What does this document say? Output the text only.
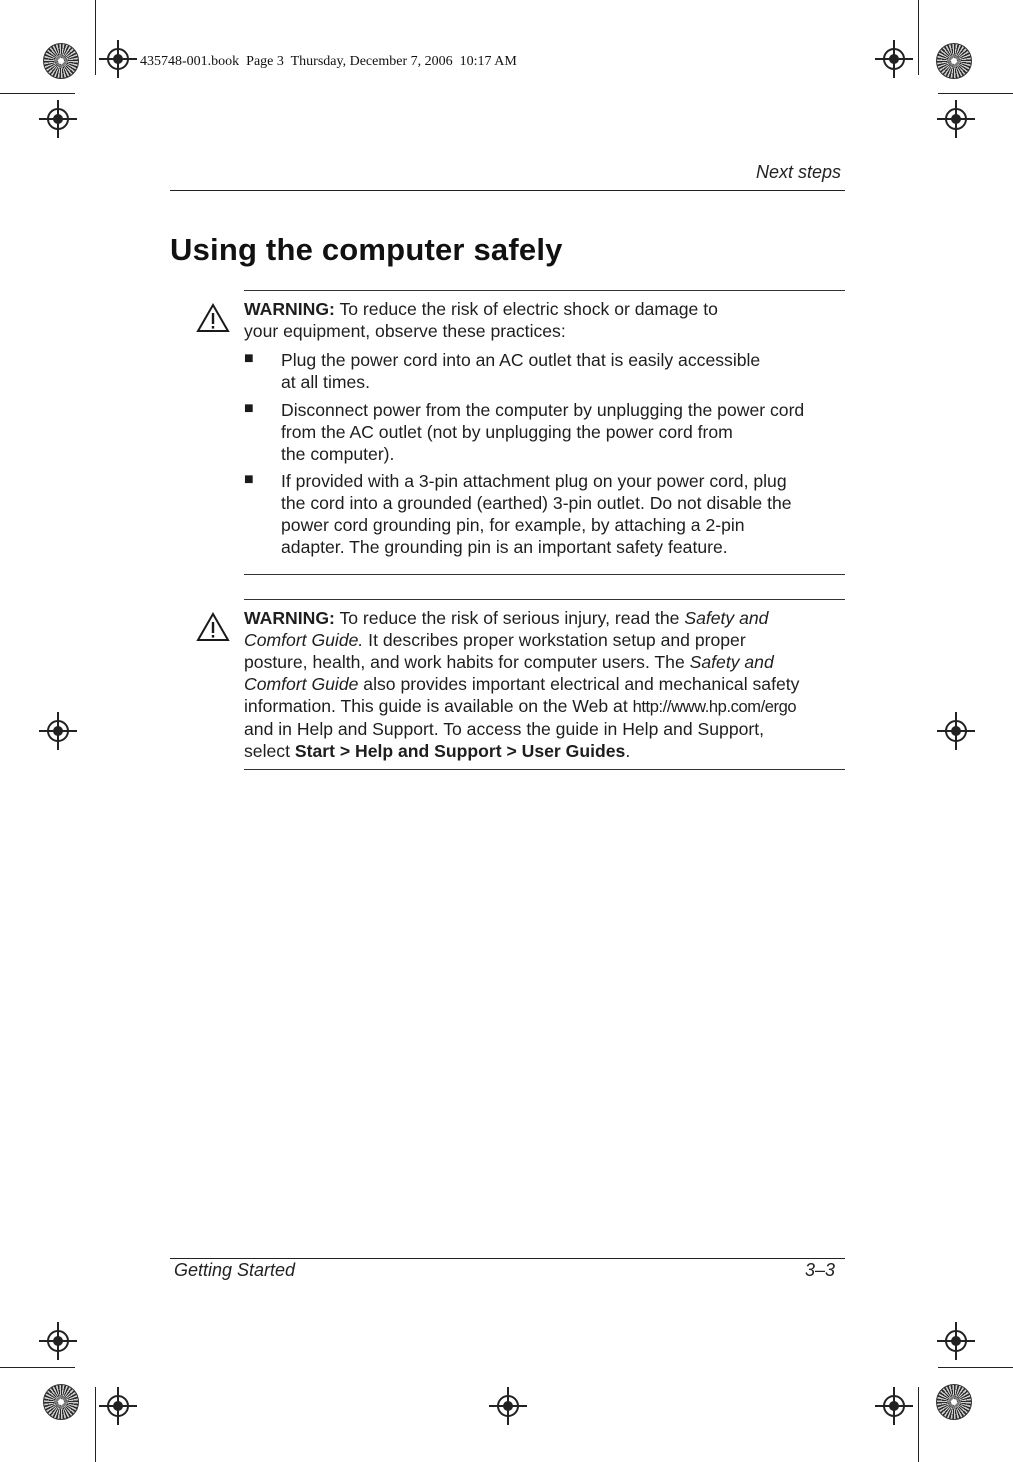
435748-001.book  Page 3  Thursday, December 7, 2006  10:17 AM
Next steps
Using the computer safely
WARNING: To reduce the risk of electric shock or damage to
your equipment, observe these practices:
■ Plug the power cord into an AC outlet that is easily accessible
at all times.
■ Disconnect power from the computer by unplugging the power cord
from the AC outlet (not by unplugging the power cord from
the computer).
■ If provided with a 3-pin attachment plug on your power cord, plug
the cord into a grounded (earthed) 3-pin outlet. Do not disable the
power cord grounding pin, for example, by attaching a 2-pin
adapter. The grounding pin is an important safety feature.
WARNING: To reduce the risk of serious injury, read the Safety and
Comfort Guide. It describes proper workstation setup and proper
posture, health, and work habits for computer users. The Safety and
Comfort Guide also provides important electrical and mechanical safety
information. This guide is available on the Web at http://www.hp.com/ergo
and in Help and Support. To access the guide in Help and Support,
select Start > Help and Support > User Guides.
Getting Started	3–3
